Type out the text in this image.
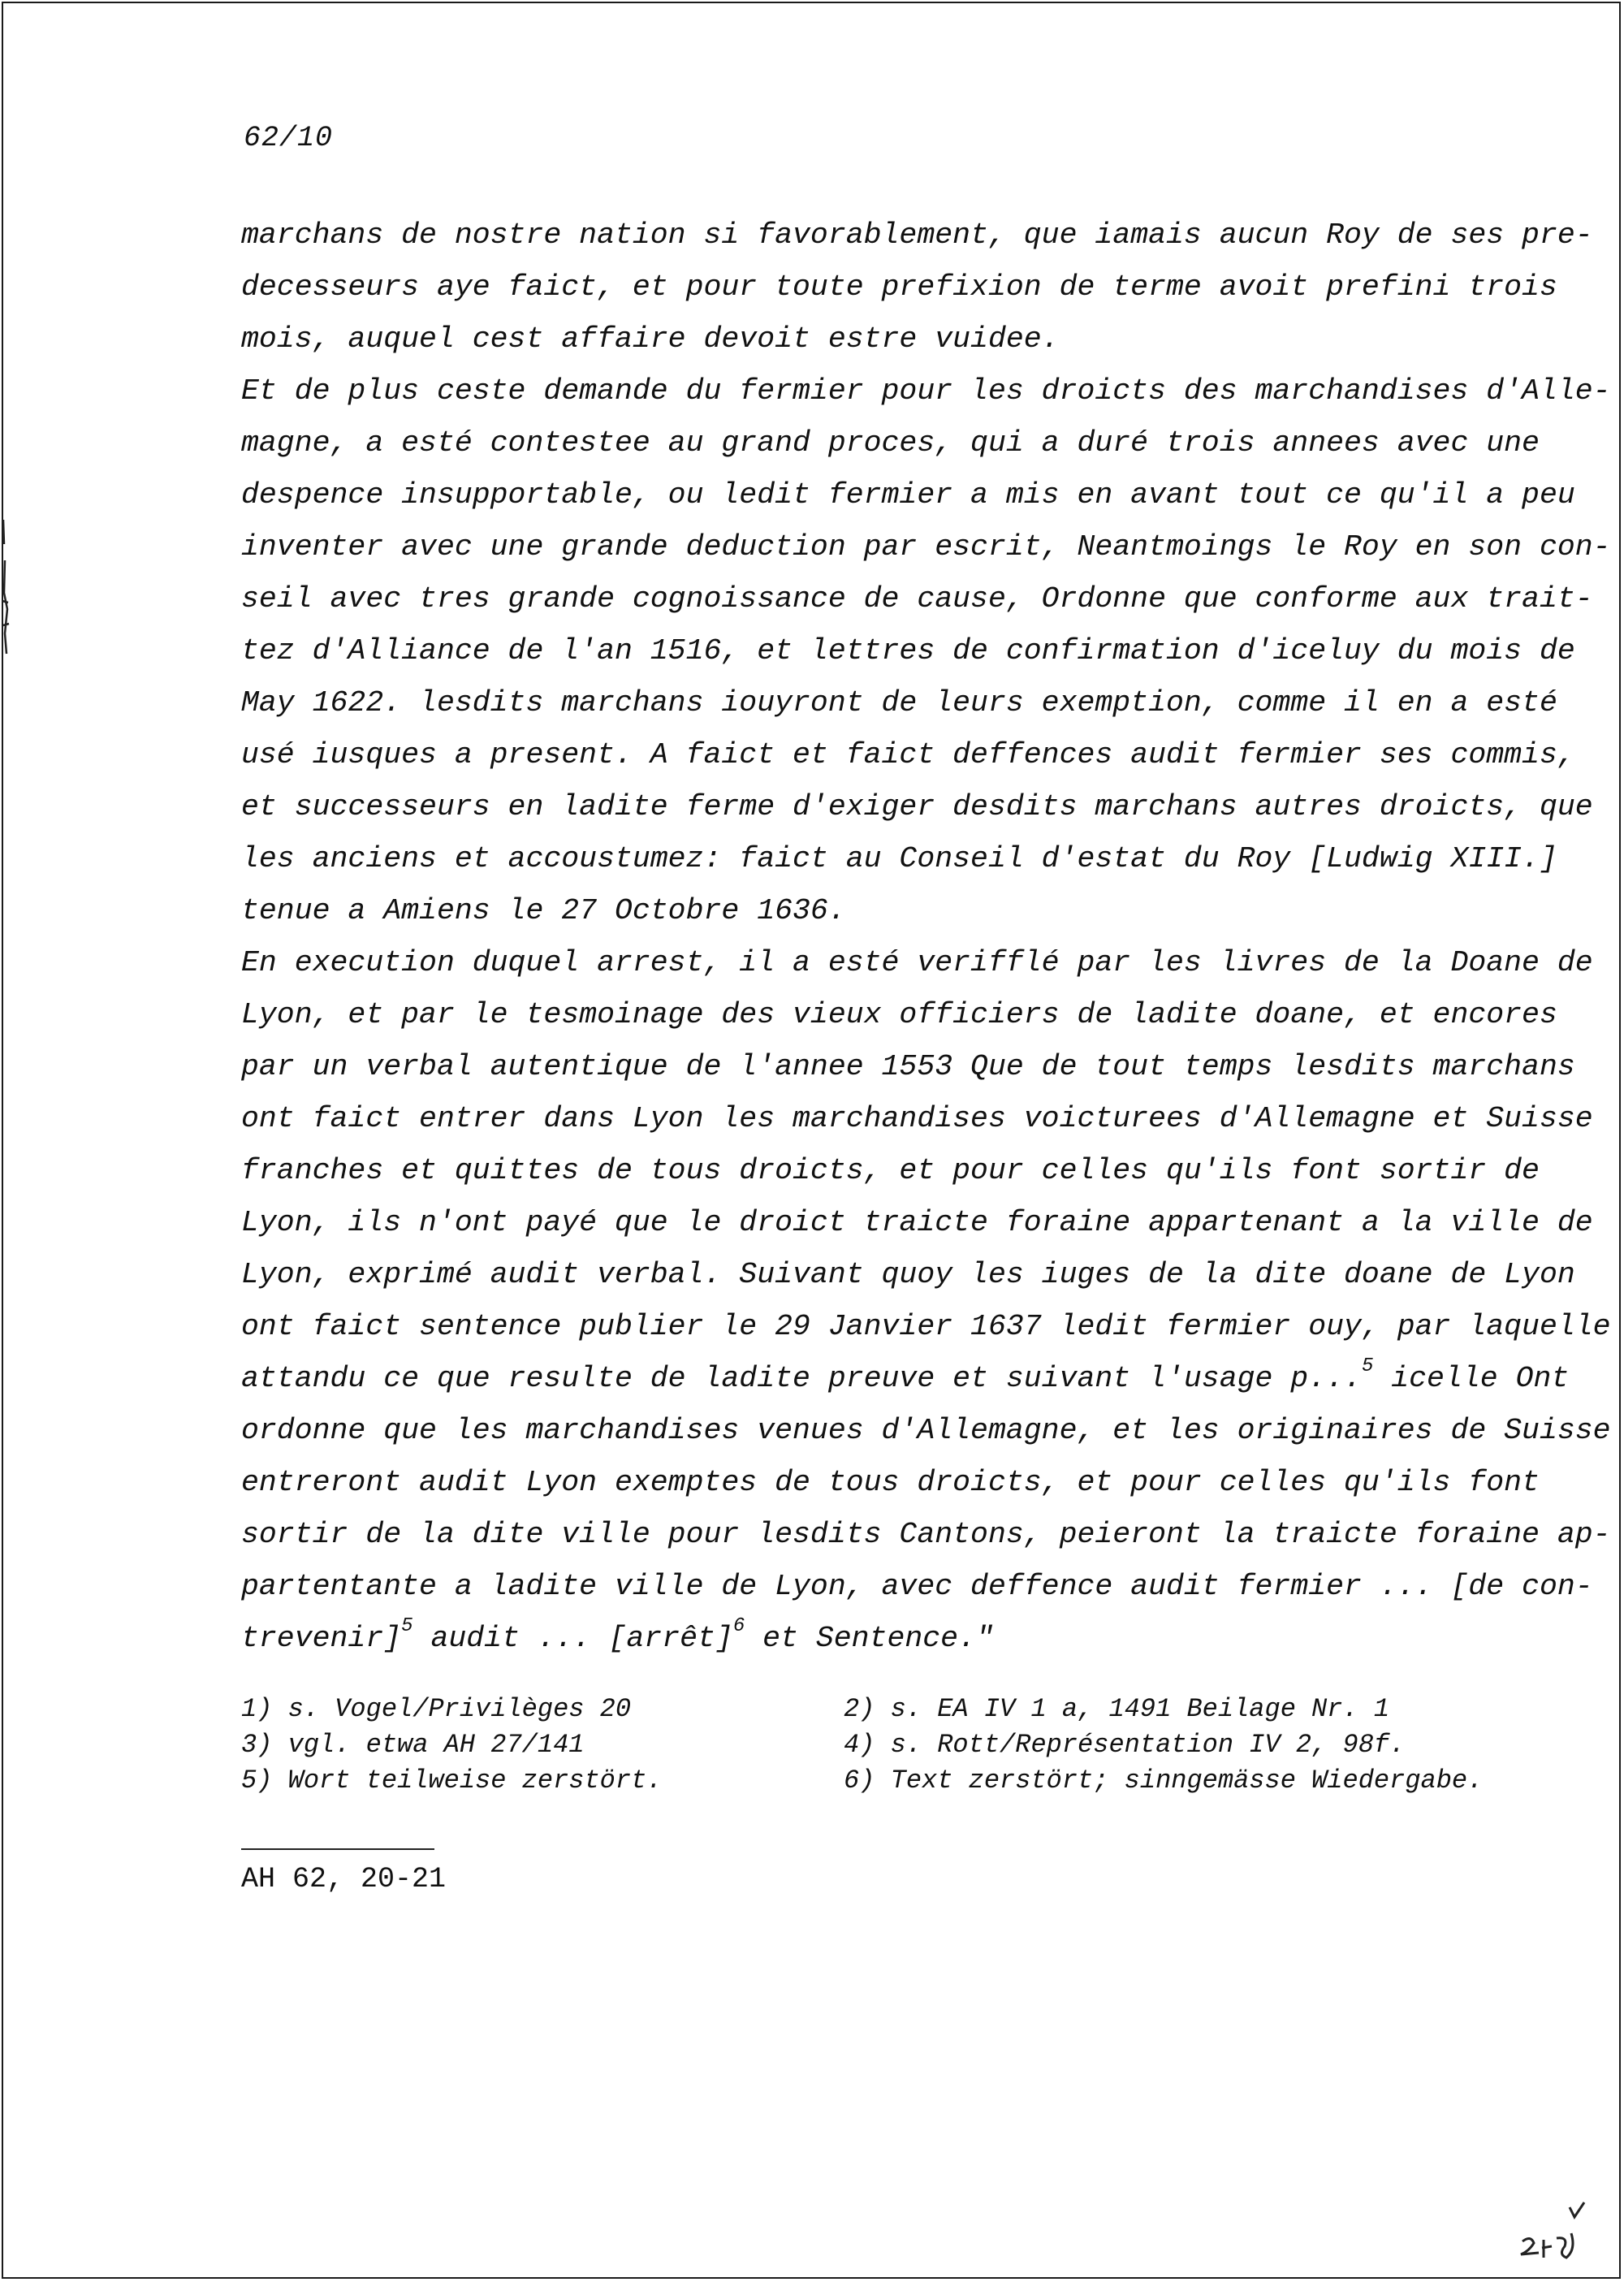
62/10
marchans de nostre nation si favorablement, que iamais aucun Roy de ses pre-
decesseurs aye faict, et pour toute prefixion de terme avoit prefini trois
mois, auquel cest affaire devoit estre vuidee.
Et de plus ceste demande du fermier pour les droicts des marchandises d'Alle-
magne, a esté contestee au grand proces, qui a duré trois annees avec une
despence insupportable, ou ledit fermier a mis en avant tout ce qu'il a peu
inventer avec une grande deduction par escrit, Neantmoings le Roy en son con-
seil avec tres grande cognoissance de cause, Ordonne que conforme aux trait-
tez d'Alliance de l'an 1516, et lettres de confirmation d'iceluy du mois de
May 1622. lesdits marchans iouyront de leurs exemption, comme il en a esté
usé iusques a present. A faict et faict deffences audit fermier ses commis,
et successeurs en ladite ferme d'exiger desdits marchans autres droicts, que
les anciens et accoustumez: faict au Conseil d'estat du Roy [Ludwig XIII.]
tenue a Amiens le 27 Octobre 1636.
En execution duquel arrest, il a esté verifflé par les livres de la Doane de
Lyon, et par le tesmoinage des vieux officiers de ladite doane, et encores
par un verbal autentique de l'annee 1553 Que de tout temps lesdits marchans
ont faict entrer dans Lyon les marchandises voicturees d'Allemagne et Suisse
franches et quittes de tous droicts, et pour celles qu'ils font sortir de
Lyon, ils n'ont payé que le droict traicte foraine appartenant a la ville de
Lyon, exprimé audit verbal. Suivant quoy les iuges de la dite doane de Lyon
ont faict sentence publier le 29 Janvier 1637 ledit fermier ouy, par laquelle
attandu ce que resulte de ladite preuve et suivant l'usage p...$^5$ icelle Ont
ordonne que les marchandises venues d'Allemagne, et les originaires de Suisse
entreront audit Lyon exemptes de tous droicts, et pour celles qu'ils font
sortir de la dite ville pour lesdits Cantons, peieront la traicte foraine ap-
partentante a ladite ville de Lyon, avec deffence audit fermier ... [de con-
trevenir]$^5$ audit ... [arrêt]$^6$ et Sentence."
1) s. Vogel/Privilèges 20	2) s. EA IV 1 a, 1491 Beilage Nr. 1
3) vgl. etwa AH 27/141	4) s. Rott/Représentation IV 2, 98f.
5) Wort teilweise zerstört.	6) Text zerstört; sinngemässe Wiedergabe.
AH 62, 20-21
